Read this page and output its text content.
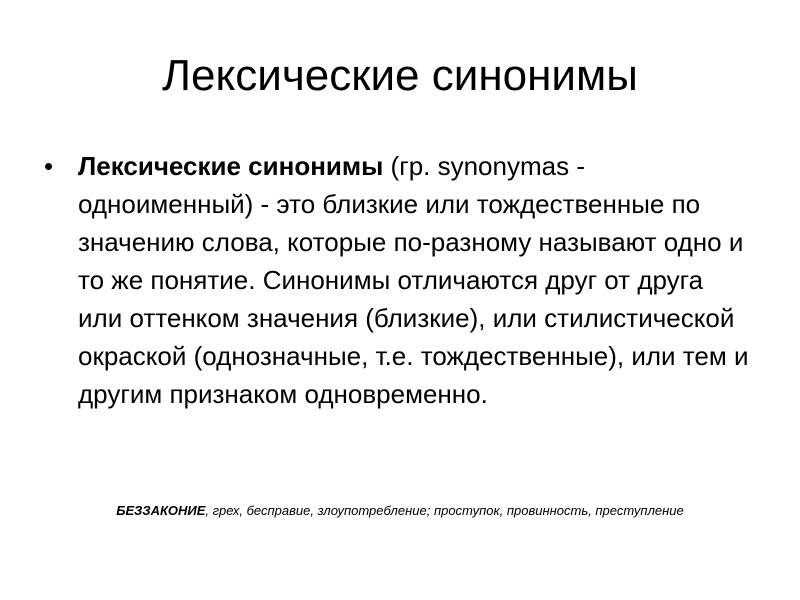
Лексические синонимы
• Лексические синонимы (гр. synonymas - одноименный) - это близкие или тождественные по значению слова, которые по-разному называют одно и то же понятие. Синонимы отличаются друг от друга или оттенком значения (близкие), или стилистической окраской (однозначные, т.е. тождественные), или тем и другим признаком одновременно.
БЕЗЗАКОНИЕ, грех, бесправие, злоупотребление; проступок, провинность, преступление
